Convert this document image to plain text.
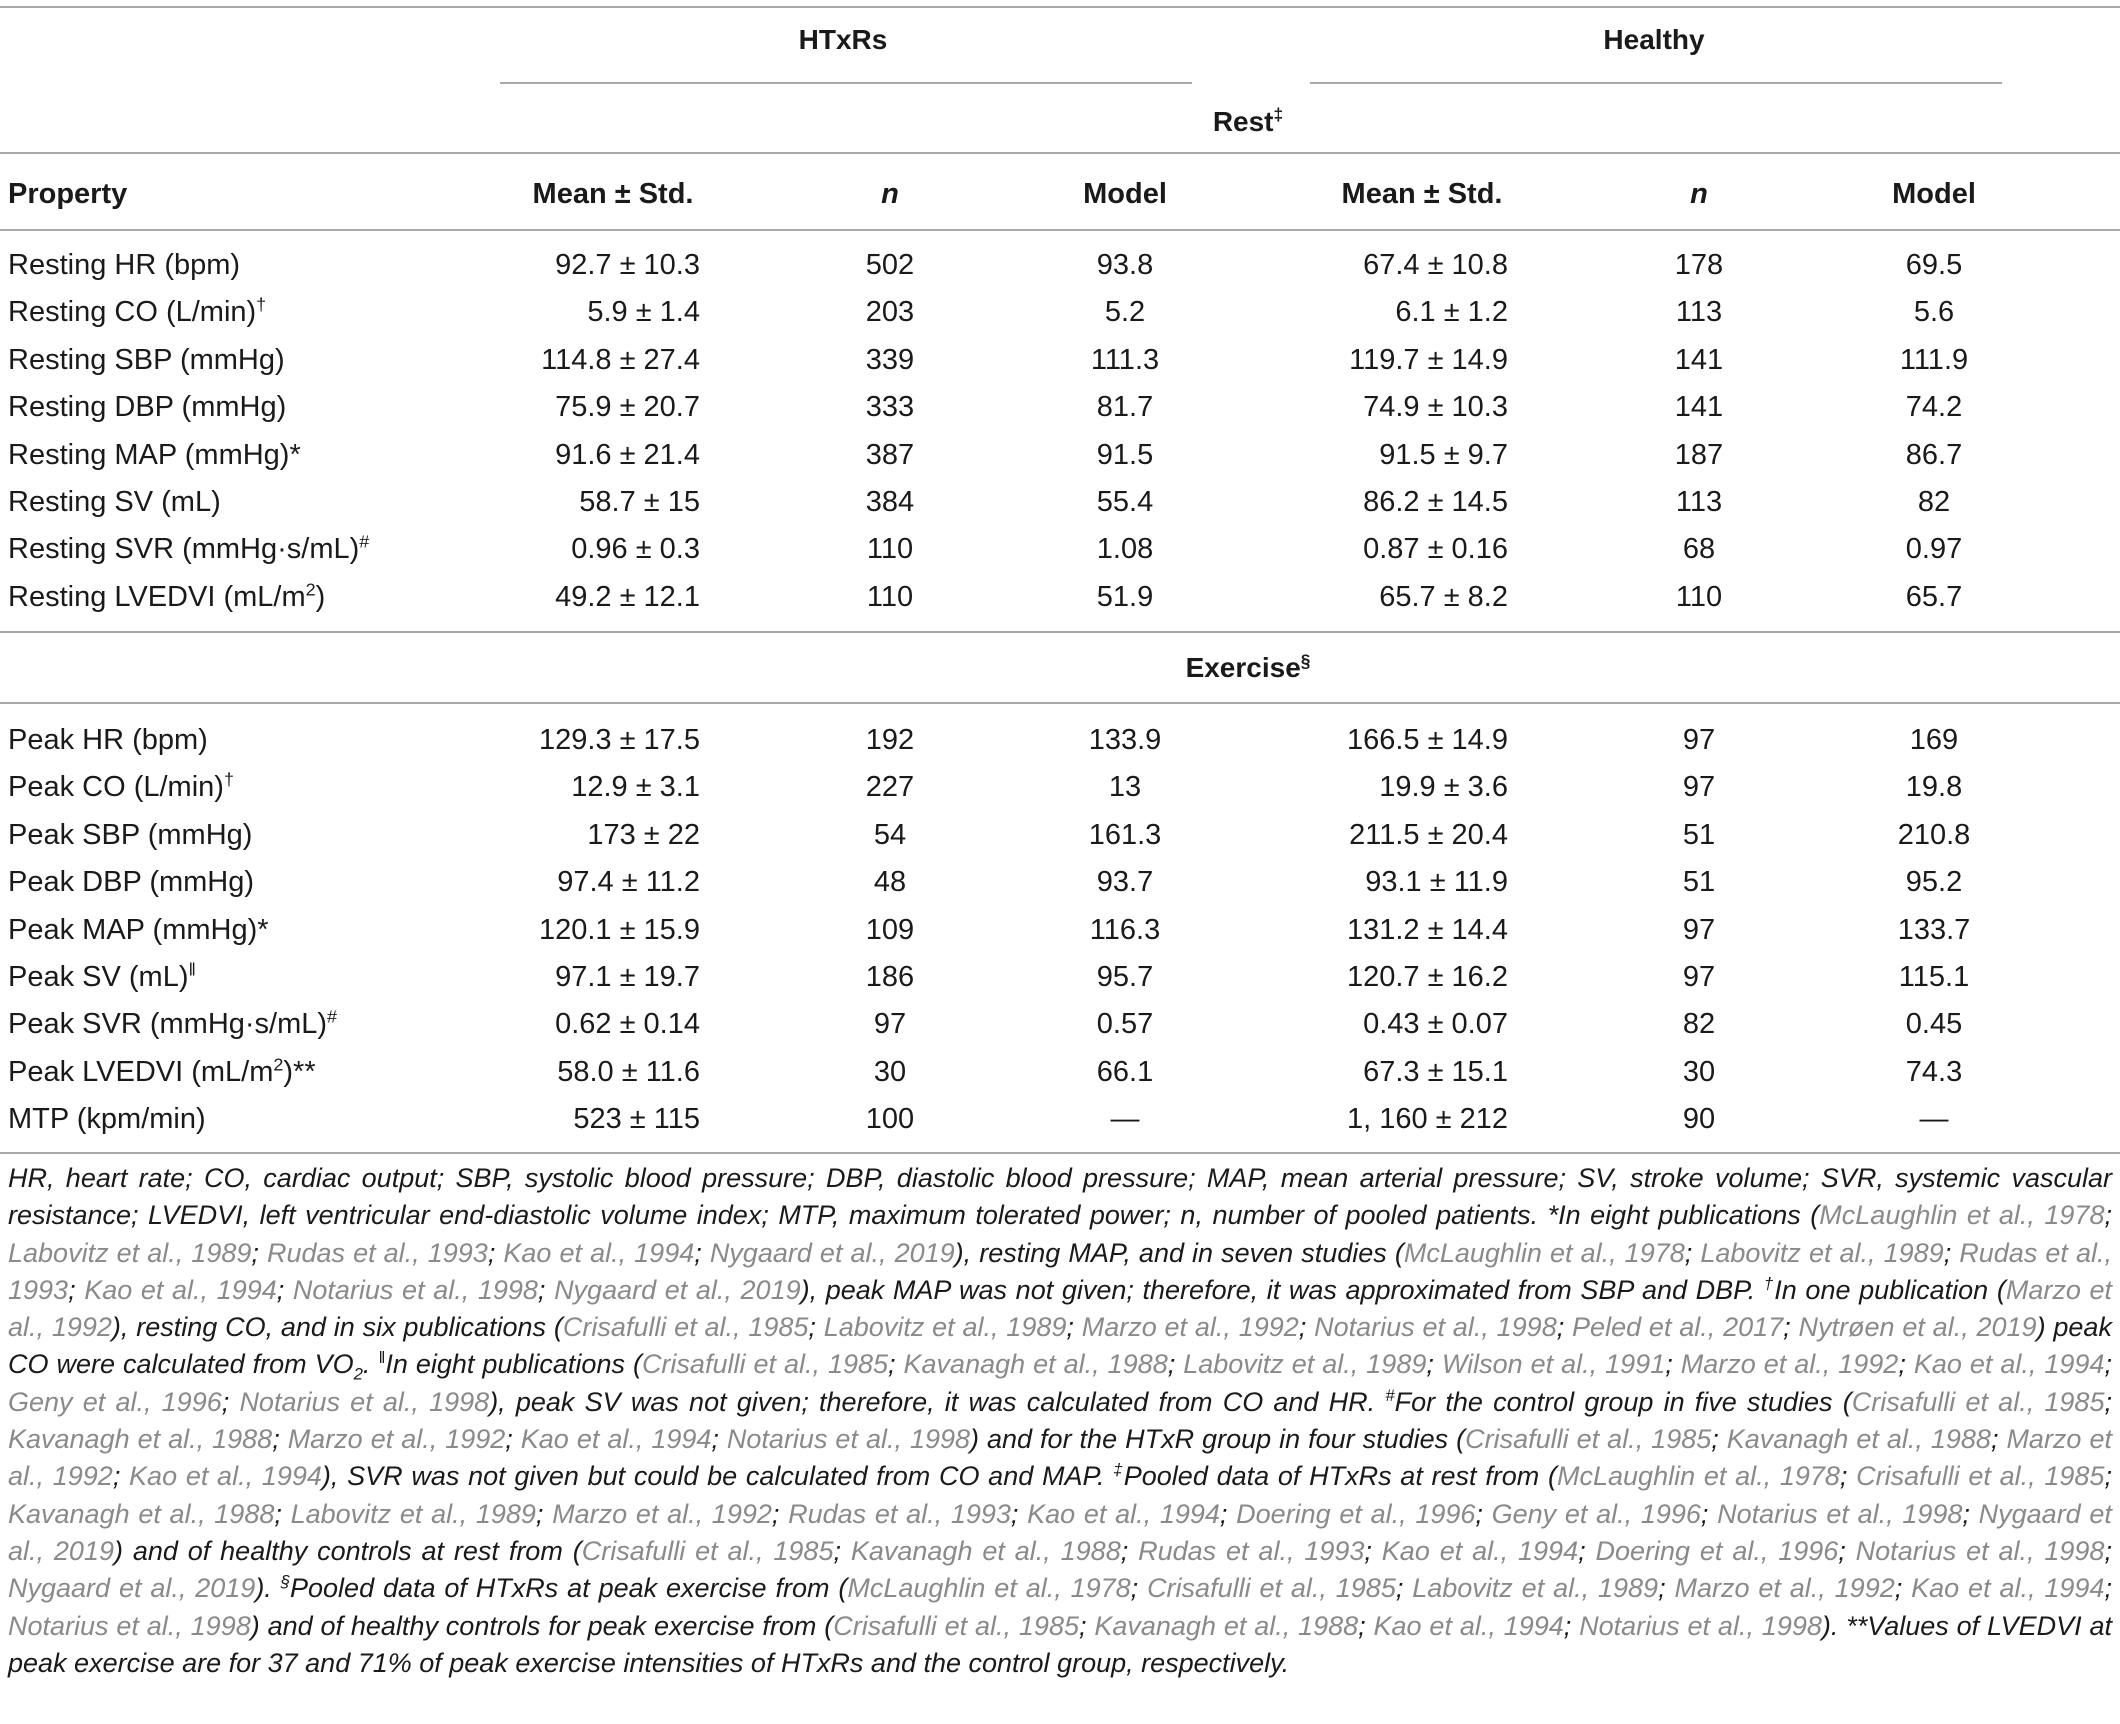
HTxRs	Healthy
Rest‡
Property	Mean ± Std.	n	Model	Mean ± Std.	n	Model
Resting HR (bpm)	92.7 ± 10.3	502	93.8	67.4 ± 10.8	178	69.5
Resting CO (L/min)†	5.9 ± 1.4	203	5.2	6.1 ± 1.2	113	5.6
Resting SBP (mmHg)	114.8 ± 27.4	339	111.3	119.7 ± 14.9	141	111.9
Resting DBP (mmHg)	75.9 ± 20.7	333	81.7	74.9 ± 10.3	141	74.2
Resting MAP (mmHg)*	91.6 ± 21.4	387	91.5	91.5 ± 9.7	187	86.7
Resting SV (mL)	58.7 ± 15	384	55.4	86.2 ± 14.5	113	82
Resting SVR (mmHg·s/mL)#	0.96 ± 0.3	110	1.08	0.87 ± 0.16	68	0.97
Resting LVEDVI $(mL/m^2)$	49.2 ± 12.1	110	51.9	65.7 ± 8.2	110	65.7
Exercise§
Peak HR (bpm)	129.3 ± 17.5	192	133.9	166.5 ± 14.9	97	169
Peak CO (L/min)†	12.9 ± 3.1	227	13	19.9 ± 3.6	97	19.8
Peak SBP (mmHg)	173 ± 22	54	161.3	211.5 ± 20.4	51	210.8
Peak DBP (mmHg)	97.4 ± 11.2	48	93.7	93.1 ± 11.9	51	95.2
Peak MAP (mmHg)*	120.1 ± 15.9	109	116.3	131.2 ± 14.4	97	133.7
Peak SV (mL)‖	97.1 ± 19.7	186	95.7	120.7 ± 16.2	97	115.1
Peak SVR (mmHg·s/mL)#	0.62 ± 0.14	97	0.57	0.43 ± 0.07	82	0.45
Peak LVEDVI $(mL/m^2)**$	58.0 ± 11.6	30	66.1	67.3 ± 15.1	30	74.3
MTP (kpm/min)	523 ± 115	100	—	1, 160 ± 212	90	—
HR, heart rate; CO, cardiac output; SBP, systolic blood pressure; DBP, diastolic blood pressure; MAP, mean arterial pressure; SV, stroke volume; SVR, systemic vascular resistance; LVEDVI, left ventricular end-diastolic volume index; MTP, maximum tolerated power; n, number of pooled patients. *In eight publications (McLaughlin et al., 1978; Labovitz et al., 1989; Rudas et al., 1993; Kao et al., 1994; Nygaard et al., 2019), resting MAP, and in seven studies (McLaughlin et al., 1978; Labovitz et al., 1989; Rudas et al., 1993; Kao et al., 1994; Notarius et al., 1998; Nygaard et al., 2019), peak MAP was not given; therefore, it was approximated from SBP and DBP. †In one publication (Marzo et al., 1992), resting CO, and in six publications (Crisafulli et al., 1985; Labovitz et al., 1989; Marzo et al., 1992; Notarius et al., 1998; Peled et al., 2017; Nytrøen et al., 2019) peak CO were calculated from $VO_2$. ‖In eight publications (Crisafulli et al., 1985; Kavanagh et al., 1988; Labovitz et al., 1989; Wilson et al., 1991; Marzo et al., 1992; Kao et al., 1994; Geny et al., 1996; Notarius et al., 1998), peak SV was not given; therefore, it was calculated from CO and HR. #For the control group in five studies (Crisafulli et al., 1985; Kavanagh et al., 1988; Marzo et al., 1992; Kao et al., 1994; Notarius et al., 1998) and for the HTxR group in four studies (Crisafulli et al., 1985; Kavanagh et al., 1988; Marzo et al., 1992; Kao et al., 1994), SVR was not given but could be calculated from CO and MAP. ‡Pooled data of HTxRs at rest from (McLaughlin et al., 1978; Crisafulli et al., 1985; Kavanagh et al., 1988; Labovitz et al., 1989; Marzo et al., 1992; Rudas et al., 1993; Kao et al., 1994; Doering et al., 1996; Geny et al., 1996; Notarius et al., 1998; Nygaard et al., 2019) and of healthy controls at rest from (Crisafulli et al., 1985; Kavanagh et al., 1988; Rudas et al., 1993; Kao et al., 1994; Doering et al., 1996; Notarius et al., 1998; Nygaard et al., 2019). §Pooled data of HTxRs at peak exercise from (McLaughlin et al., 1978; Crisafulli et al., 1985; Labovitz et al., 1989; Marzo et al., 1992; Kao et al., 1994; Notarius et al., 1998) and of healthy controls for peak exercise from (Crisafulli et al., 1985; Kavanagh et al., 1988; Kao et al., 1994; Notarius et al., 1998). **Values of LVEDVI at peak exercise are for 37 and 71% of peak exercise intensities of HTxRs and the control group, respectively.
